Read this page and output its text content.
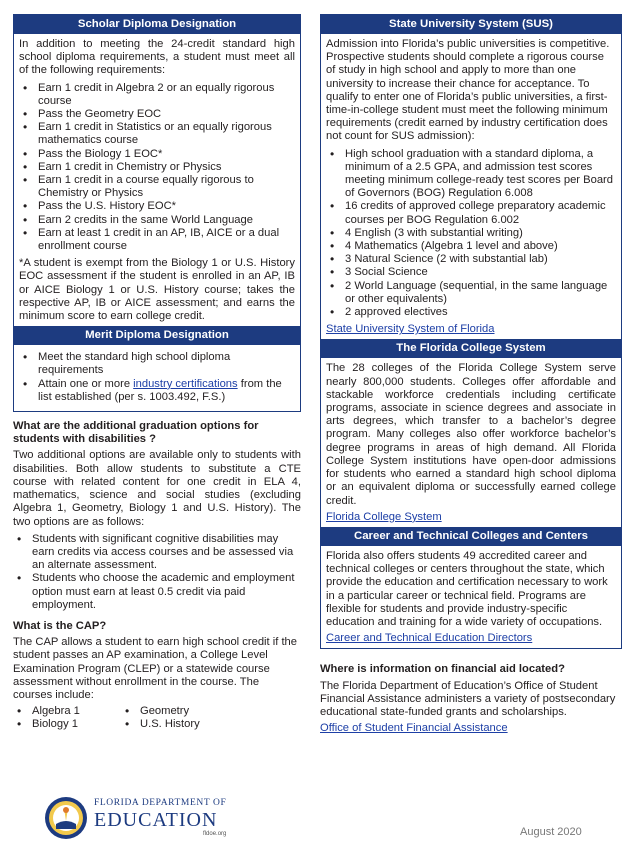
Scholar Diploma Designation

In addition to meeting the 24-credit standard high school diploma requirements, a student must meet all of the following requirements:

• Earn 1 credit in Algebra 2 or an equally rigorous course
• Pass the Geometry EOC
• Earn 1 credit in Statistics or an equally rigorous mathematics course
• Pass the Biology 1 EOC*
• Earn 1 credit in Chemistry or Physics
• Earn 1 credit in a course equally rigorous to Chemistry or Physics
• Pass the U.S. History EOC*
• Earn 2 credits in the same World Language
• Earn at least 1 credit in an AP, IB, AICE or a dual enrollment course

*A student is exempt from the Biology 1 or U.S. History EOC assessment if the student is enrolled in an AP, IB or AICE Biology 1 or U.S. History course; takes the respective AP, IB or AICE assessment; and earns the minimum score to earn college credit.

Merit Diploma Designation
• Meet the standard high school diploma requirements
• Attain one or more industry certifications from the list established (per s. 1003.492, F.S.)

What are the additional graduation options for students with disabilities ?

Two additional options are available only to students with disabilities. Both allow students to substitute a CTE course with related content for one credit in ELA 4, mathematics, science and social studies (excluding Algebra 1, Geometry, Biology 1 and U.S. History). The two options are as follows:

• Students with significant cognitive disabilities may earn credits via access courses and be assessed via an alternate assessment.
• Students who choose the academic and employment option must earn at least 0.5 credit via paid employment.

What is the CAP?

The CAP allows a student to earn high school credit if the student passes an AP examination, a College Level Examination Program (CLEP) or a statewide course assessment without enrollment in the course. The courses include:

• Algebra 1
• Biology 1
• Geometry
• U.S. History
State University System (SUS)

Admission into Florida’s public universities is competitive. Prospective students should complete a rigorous course of study in high school and apply to more than one university to increase their chance for acceptance. To qualify to enter one of Florida’s public universities, a first-time-in-college student must meet the following minimum requirements (credit earned by industry certification does not count for SUS admission):

• High school graduation with a standard diploma, a minimum of a 2.5 GPA, and admission test scores meeting minimum college-ready test scores per Board of Governors (BOG) Regulation 6.008
• 16 credits of approved college preparatory academic courses per BOG Regulation 6.002
• 4 English (3 with substantial writing)
• 4 Mathematics (Algebra 1 level and above)
• 3 Natural Science (2 with substantial lab)
• 3 Social Science
• 2 World Language (sequential, in the same language or other equivalents)
• 2 approved electives
State University System of Florida
The Florida College System

The 28 colleges of the Florida College System serve nearly 800,000 students. Colleges offer affordable and stackable workforce credentials including certificate programs, associate in science degrees and associate in arts degrees, which transfer to a bachelor’s degree program. Many colleges also offer workforce bachelor’s degree programs in areas of high demand. All Florida College System institutions have open-door admissions for students who earned a standard high school diploma or an equivalent diploma or successfully earned college credit.

Florida College System

Career and Technical Colleges and Centers

Florida also offers students 49 accredited career and technical colleges or centers throughout the state, which provide the education and certification necessary to work in a particular career or technical field. Programs are flexible for students and provide industry-specific education and training for a wide variety of occupations.

Career and Technical Education Directors

Where is information on financial aid located?

The Florida Department of Education’s Office of Student Financial Assistance administers a variety of postsecondary educational state-funded grants and scholarships.

Office of Student Financial Assistance

FLORIDA DEPARTMENT OF
EDUCATION
fldoe.org	August 2020
